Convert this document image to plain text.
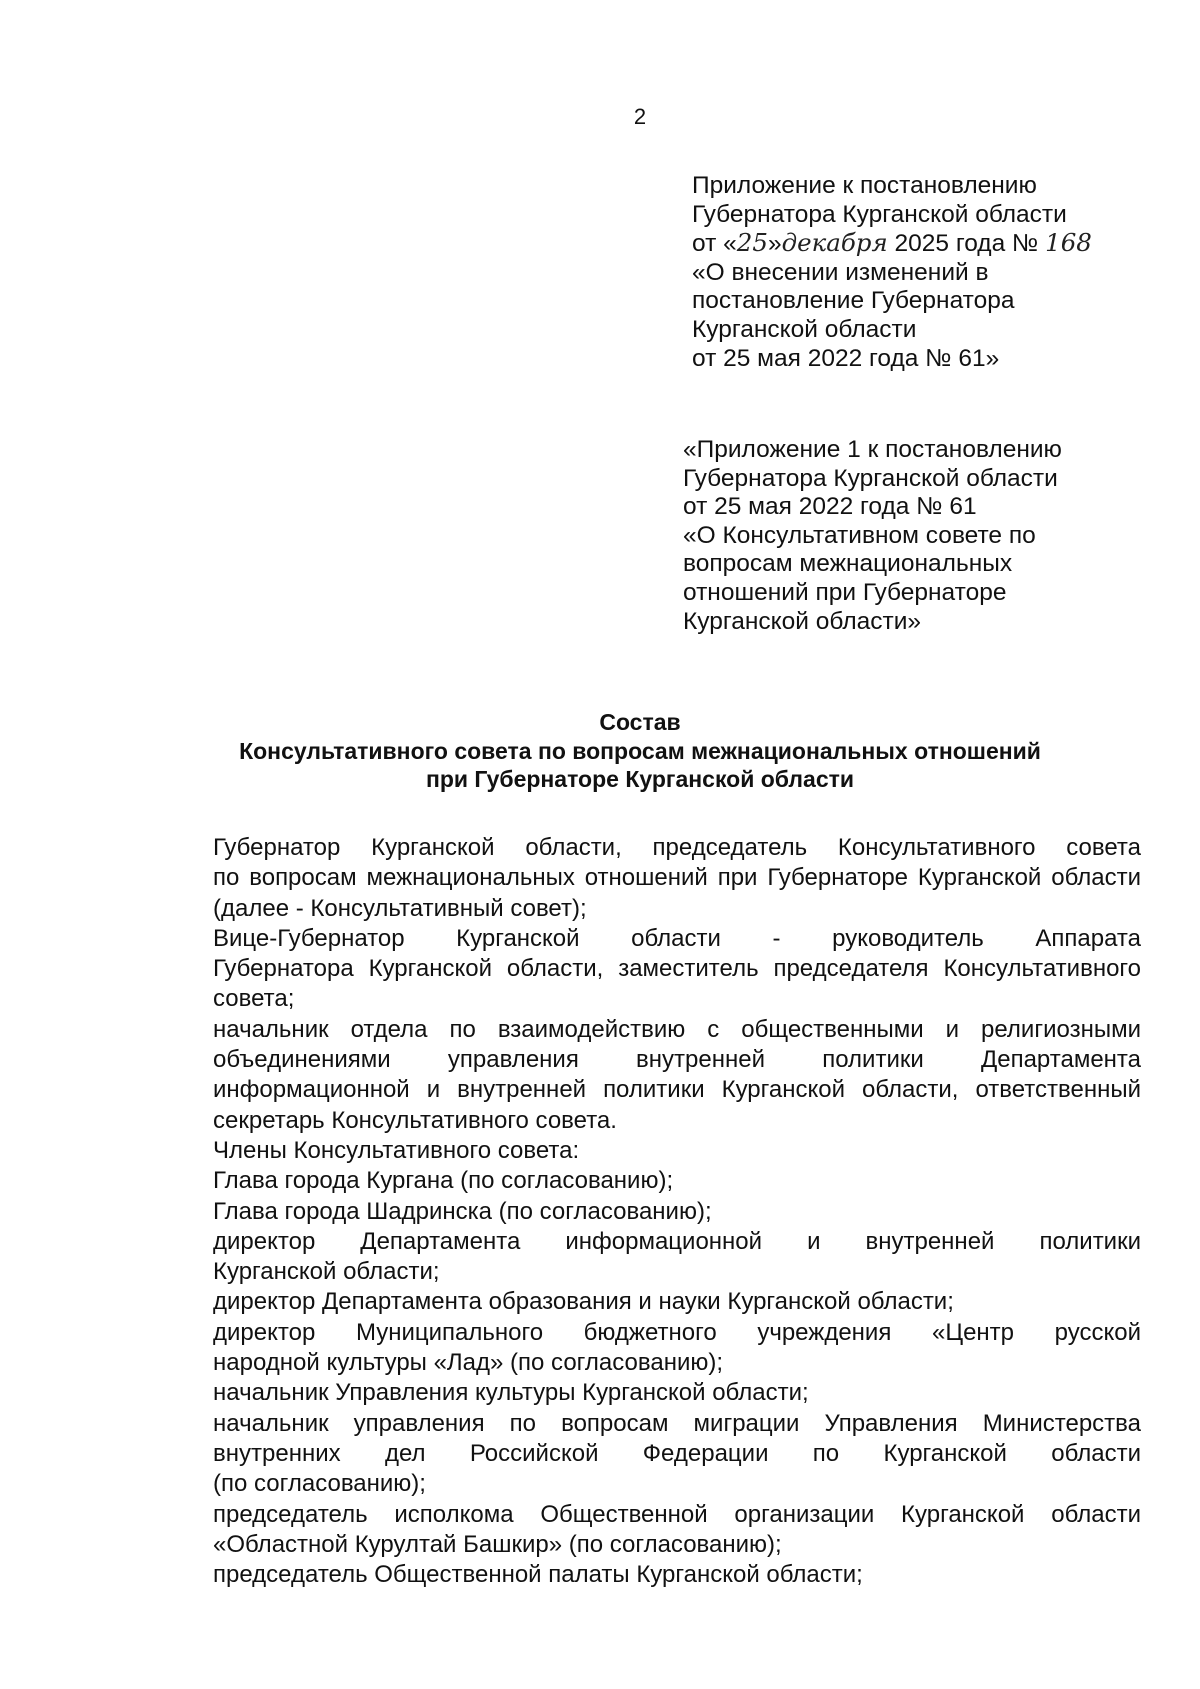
2
Приложение к постановлению
Губернатора Курганской области
от «25»декабря 2025 года № 168
«О внесении изменений в
постановление Губернатора
Курганской области
от 25 мая 2022 года № 61»
«Приложение 1 к постановлению
Губернатора Курганской области
от 25 мая 2022 года № 61
«О Консультативном совете по
вопросам межнациональных
отношений при Губернаторе
Курганской области»
Состав
Консультативного совета по вопросам межнациональных отношений
при Губернаторе Курганской области

Губернатор Курганской области, председатель Консультативного совета
по вопросам межнациональных отношений при Губернаторе Курганской области
(далее - Консультативный совет);

Вице-Губернатор Курганской области - руководитель Аппарата
Губернатора Курганской области, заместитель председателя Консультативного
совета;

начальник отдела по взаимодействию с общественными и религиозными
объединениями управления внутренней политики Департамента
информационной и внутренней политики Курганской области, ответственный
секретарь Консультативного совета.

Члены Консультативного совета:

Глава города Кургана (по согласованию);

Глава города Шадринска (по согласованию);

директор Департамента информационной и внутренней политики
Курганской области;

директор Департамента образования и науки Курганской области;

директор Муниципального бюджетного учреждения «Центр русской
народной культуры «Лад» (по согласованию);

начальник Управления культуры Курганской области;

начальник управления по вопросам миграции Управления Министерства
внутренних дел Российской Федерации по Курганской области
(по согласованию);

председатель исполкома Общественной организации Курганской области
«Областной Курултай Башкир» (по согласованию);

председатель Общественной палаты Курганской области;
